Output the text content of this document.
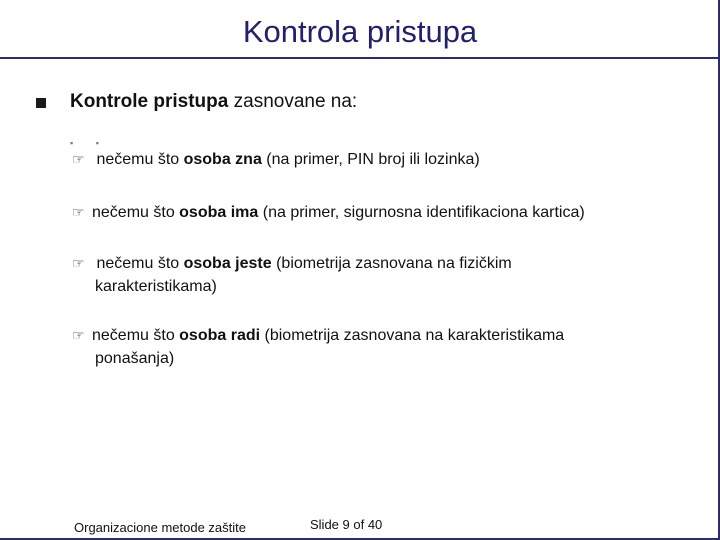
Kontrola pristupa
Kontrole pristupa zasnovane na:
▪         ▪
☞ nečemu što osoba zna (na primer, PIN broj ili lozinka)
☞ nečemu što osoba ima (na primer, sigurnosna identifikaciona kartica)
☞ nečemu što osoba jeste (biometrija zasnovana na fizičkim
karakteristikama)
☞ nečemu što osoba radi (biometrija zasnovana na karakteristikama
ponašanja)
Organizacione metode zaštite	Slide 9 of 40
